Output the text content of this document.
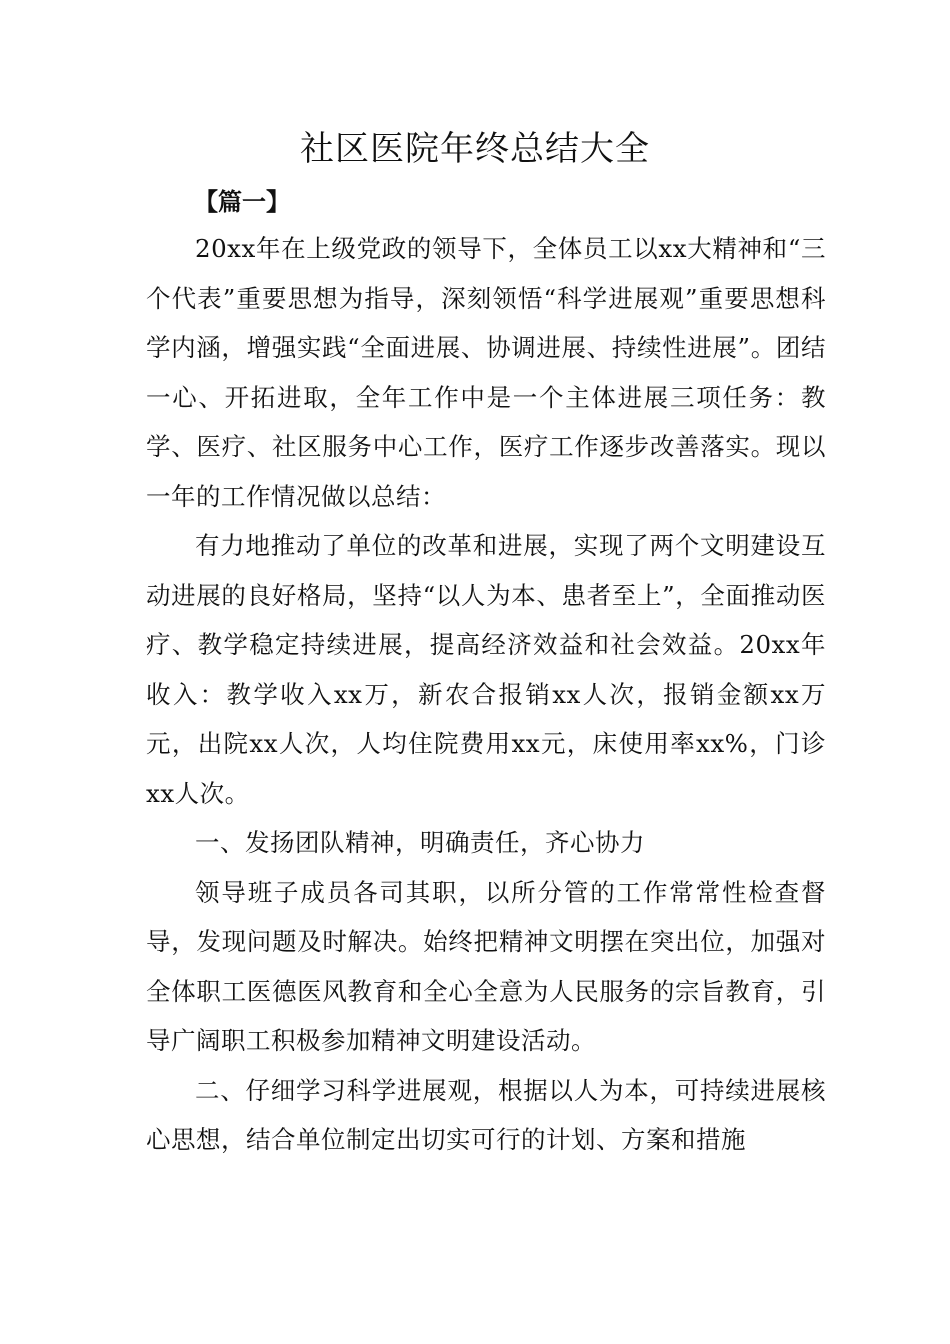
社区医院年终总结大全

【篇一】

20xx年在上级党政的领导下，全体员工以xx大精神和“三个代表”重要思想为指导，深刻领悟“科学进展观”重要思想科学内涵，增强实践“全面进展、协调进展、持续性进展”。团结一心、开拓进取，全年工作中是一个主体进展三项任务：教学、医疗、社区服务中心工作，医疗工作逐步改善落实。现以一年的工作情况做以总结：

有力地推动了单位的改革和进展，实现了两个文明建设互动进展的良好格局，坚持“以人为本、患者至上”，全面推动医疗、教学稳定持续进展，提高经济效益和社会效益。20xx年收入：教学收入xx万，新农合报销xx人次，报销金额xx万元，出院xx人次，人均住院费用xx元，床使用率xx%，门诊xx人次。

一、发扬团队精神，明确责任，齐心协力

领导班子成员各司其职，以所分管的工作常常性检查督导，发现问题及时解决。始终把精神文明摆在突出位，加强对全体职工医德医风教育和全心全意为人民服务的宗旨教育，引导广阔职工积极参加精神文明建设活动。

二、仔细学习科学进展观，根据以人为本，可持续进展核心思想，结合单位制定出切实可行的计划、方案和措施
